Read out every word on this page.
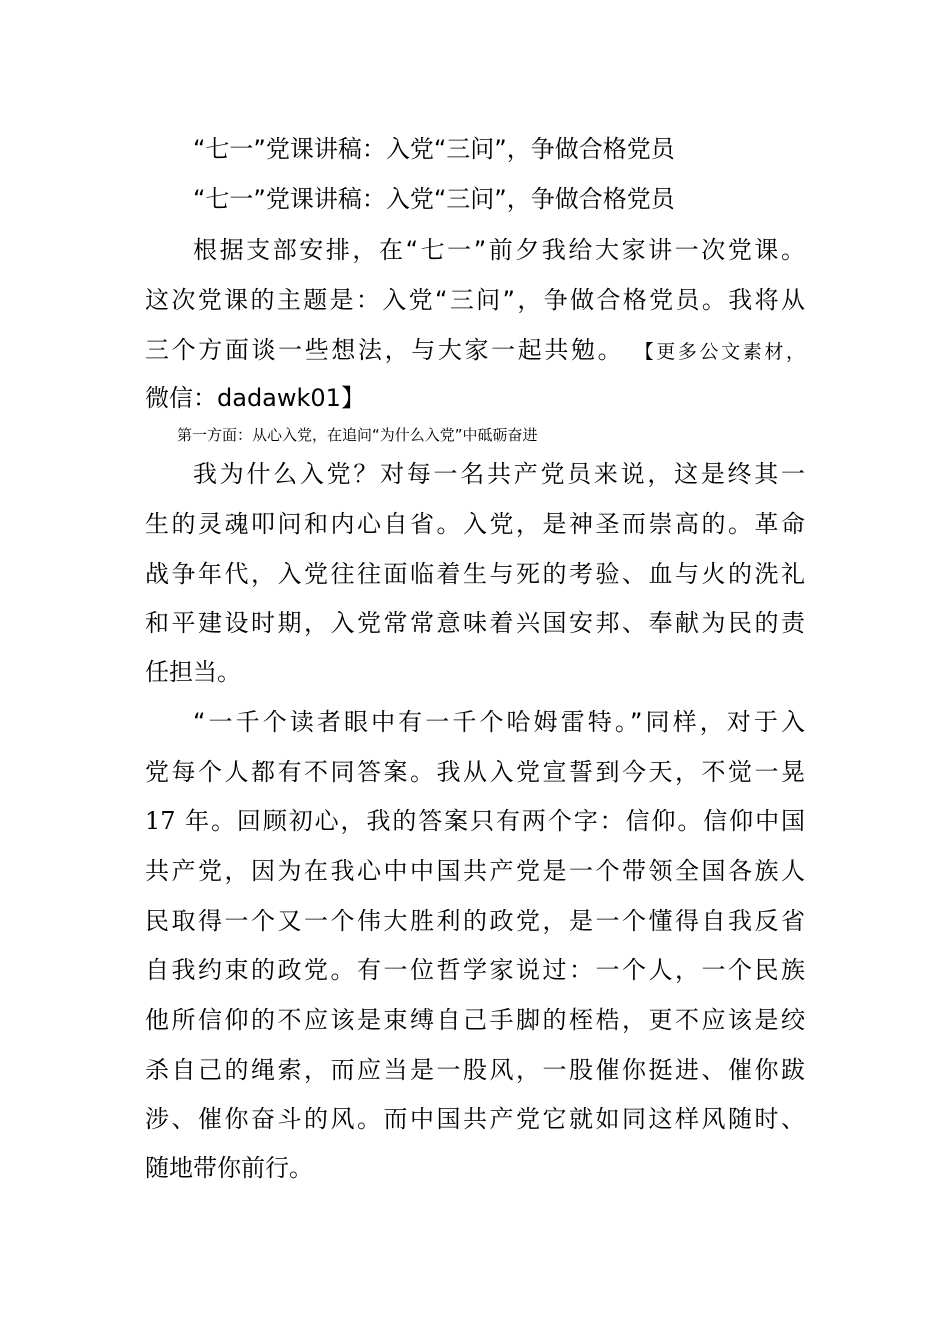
“七一”党课讲稿：入党“三问”，争做合格党员
“七一”党课讲稿：入党“三问”，争做合格党员
根据支部安排，在“七一”前夕我给大家讲一次党课。
这次党课的主题是：入党“三问”，争做合格党员。我将从
三个方面谈一些想法，与大家一起共勉。 【更多公文素材，
微信：dadawk01】
第一方面：从心入党，在追问“为什么入党”中砥砺奋进
我为什么入党？对每一名共产党员来说，这是终其一
生的灵魂叩问和内心自省。入党，是神圣而崇高的。革命
战争年代，入党往往面临着生与死的考验、血与火的洗礼
和平建设时期，入党常常意味着兴国安邦、奉献为民的责
任担当。
“一千个读者眼中有一千个哈姆雷特。”同样，对于入
党每个人都有不同答案。我从入党宣誓到今天，不觉一晃
17 年。回顾初心，我的答案只有两个字：信仰。信仰中国
共产党，因为在我心中中国共产党是一个带领全国各族人
民取得一个又一个伟大胜利的政党，是一个懂得自我反省
自我约束的政党。有一位哲学家说过：一个人，一个民族
他所信仰的不应该是束缚自己手脚的桎梏，更不应该是绞
杀自己的绳索，而应当是一股风，一股催你挺进、催你跋
涉、催你奋斗的风。而中国共产党它就如同这样风随时、
随地带你前行。
